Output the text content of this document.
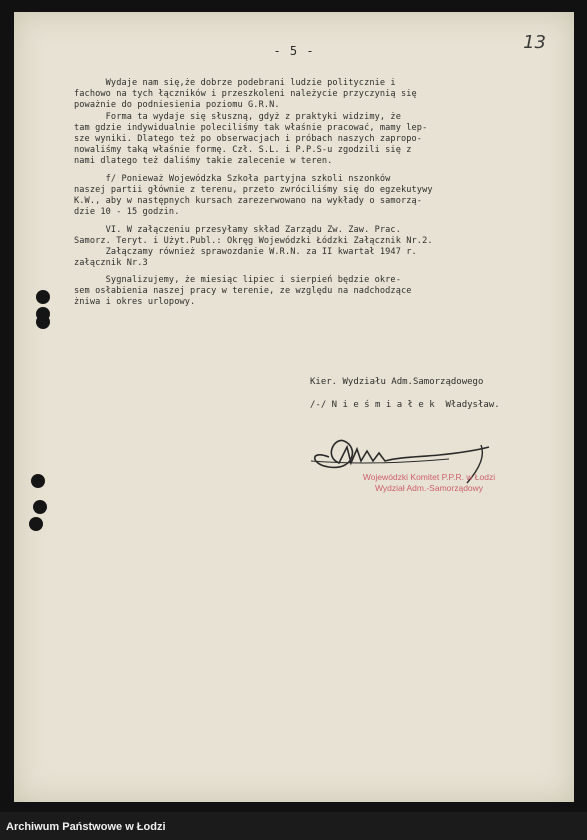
- 5 -	13
Wydaje nam się,że dobrze podebrani ludzie politycznie i
fachowo na tych łączników i przeszkoleni należycie przyczynią się
poważnie do podniesienia poziomu G.R.N.
Forma ta wydaje się słuszną, gdyż z praktyki widzimy, że
tam gdzie indywidualnie poleciliśmy tak właśnie pracować, mamy lep-
sze wyniki. Dlatego też po obserwacjach i próbach naszych zapropo-
nowaliśmy taką właśnie formę. Czł. S.L. i P.P.S-u zgodzili się z
nami dlatego też daliśmy takie zalecenie w teren.
f/ Ponieważ Wojewódzka Szkoła partyjna szkoli nszonków
naszej partii głównie z terenu, przeto zwróciliśmy się do egzekutywy
K.W., aby w następnych kursach zarezerwowano na wykłady o samorzą-
dzie 10 - 15 godzin.
VI. W załączeniu przesyłamy skład Zarządu Zw. Zaw. Prac.
Samorz. Teryt. i Użyt.Publ.: Okręg Wojewódzki Łódzki Załącznik Nr.2.
Załączamy również sprawozdanie W.R.N. za II kwartał 1947 r.
załącznik Nr.3
Sygnalizujemy, że miesiąc lipiec i sierpień będzie okre-
sem osłabienia naszej pracy w terenie, ze względu na nadchodzące
żniwa i okres urlopowy.
Kier. Wydziału Adm.Samorządowego
/-/ N i e ś m i a ł e k  Władysław.
Wojewódzki Komitet P.P.R. w Łodzi
Wydział Adm.-Samorządowy
Archiwum Państwowe w Łodzi
